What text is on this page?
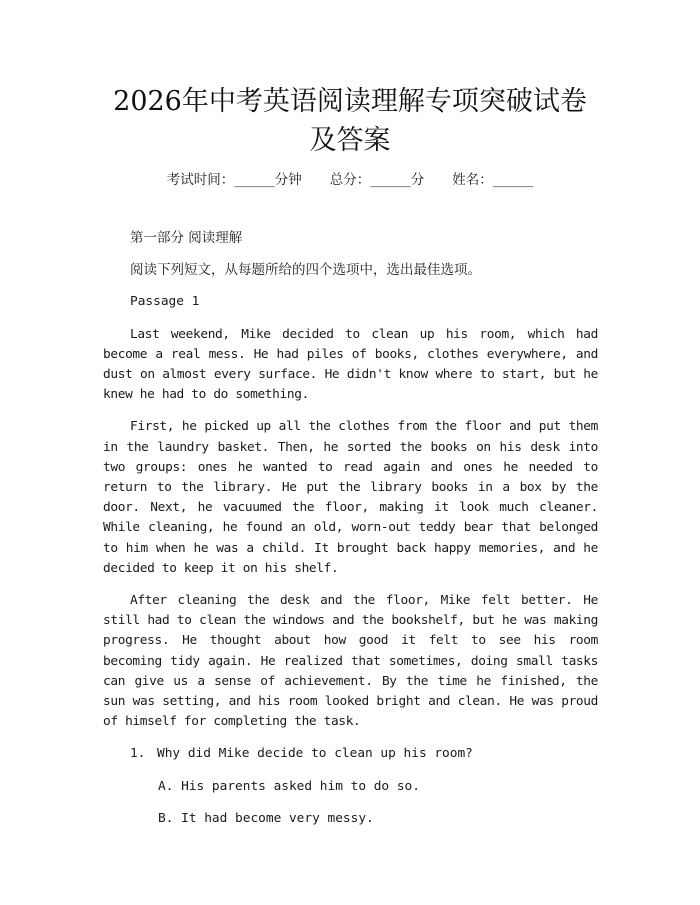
2026年中考英语阅读理解专项突破试卷及答案
考试时间：______分钟 总分：______分 姓名：______

第一部分 阅读理解

阅读下列短文，从每题所给的四个选项中，选出最佳选项。

Passage 1

Last weekend, Mike decided to clean up his room, which had become a real mess. He had piles of books, clothes everywhere, and dust on almost every surface. He didn't know where to start, but he knew he had to do something.

First, he picked up all the clothes from the floor and put them in the laundry basket. Then, he sorted the books on his desk into two groups: ones he wanted to read again and ones he needed to return to the library. He put the library books in a box by the door. Next, he vacuumed the floor, making it look much cleaner. While cleaning, he found an old, worn-out teddy bear that belonged to him when he was a child. It brought back happy memories, and he decided to keep it on his shelf.

After cleaning the desk and the floor, Mike felt better. He still had to clean the windows and the bookshelf, but he was making progress. He thought about how good it felt to see his room becoming tidy again. He realized that sometimes, doing small tasks can give us a sense of achievement. By the time he finished, the sun was setting, and his room looked bright and clean. He was proud of himself for completing the task.

1. Why did Mike decide to clean up his room?
A. His parents asked him to do so.
B. It had become very messy.
